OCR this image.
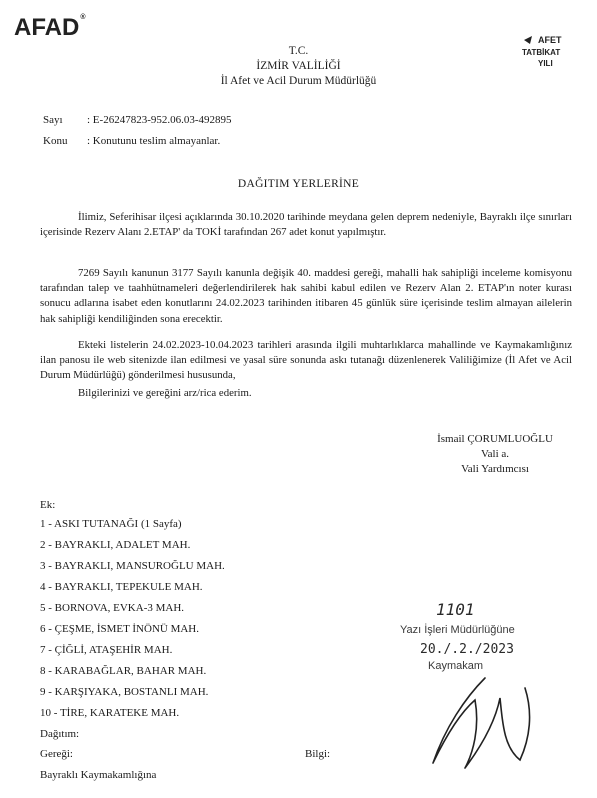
AFAD®
AFET
TATBİKAT
YILI
T.C.
İZMİR VALİLİĞİ
İl Afet ve Acil Durum Müdürlüğü
Sayı : E-26247823-952.06.03-492895
Konu : Konutunu teslim almayanlar.
DAĞITIM YERLERİNE

İlimiz, Seferihisar ilçesi açıklarında 30.10.2020 tarihinde meydana gelen deprem nedeniyle, Bayraklı ilçe sınırları içerisinde Rezerv Alanı 2.ETAP' da TOKİ tarafından 267 adet konut yapılmıştır.

7269 Sayılı kanunun 3177 Sayılı kanunla değişik 40. maddesi gereği, mahalli hak sahipliği inceleme komisyonu tarafından talep ve taahhütnameleri değerlendirilerek hak sahibi kabul edilen ve Rezerv Alan 2. ETAP'ın noter kurası sonucu adlarına isabet eden konutlarını 24.02.2023 tarihinden itibaren 45 günlük süre içerisinde teslim almayan ailelerin hak sahipliği kendiliğinden sona erecektir.

Ekteki listelerin 24.02.2023-10.04.2023 tarihleri arasında ilgili muhtarlıklarca mahallinde ve Kaymakamlığınız ilan panosu ile web sitenizde ilan edilmesi ve yasal süre sonunda askı tutanağı düzenlenerek Valiliğimize (İl Afet ve Acil Durum Müdürlüğü) gönderilmesi hususunda,

Bilgilerinizi ve gereğini arz/rica ederim.

İsmail ÇORUMLUOĞLU
Vali a.
Vali Yardımcısı
Ek:
1 - ASKI TUTANAĞI (1 Sayfa)
2 - BAYRAKLI, ADALET MAH.
3 - BAYRAKLI, MANSUROĞLU MAH.
4 - BAYRAKLI, TEPEKULE MAH.
5 - BORNOVA, EVKA-3 MAH.
6 - ÇEŞME, İSMET İNÖNÜ MAH.
7 - ÇİĞLİ, ATAŞEHİR MAH.
8 - KARABAĞLAR, BAHAR MAH.
9 - KARŞIYAKA, BOSTANLI MAH.
10 - TİRE, KARATEKE MAH.
Dağıtım:
Gereği:	Bilgi:
Bayraklı Kaymakamlığına
1101
Yazı İşleri Müdürlüğüne
20./.2./2023
Kaymakam
